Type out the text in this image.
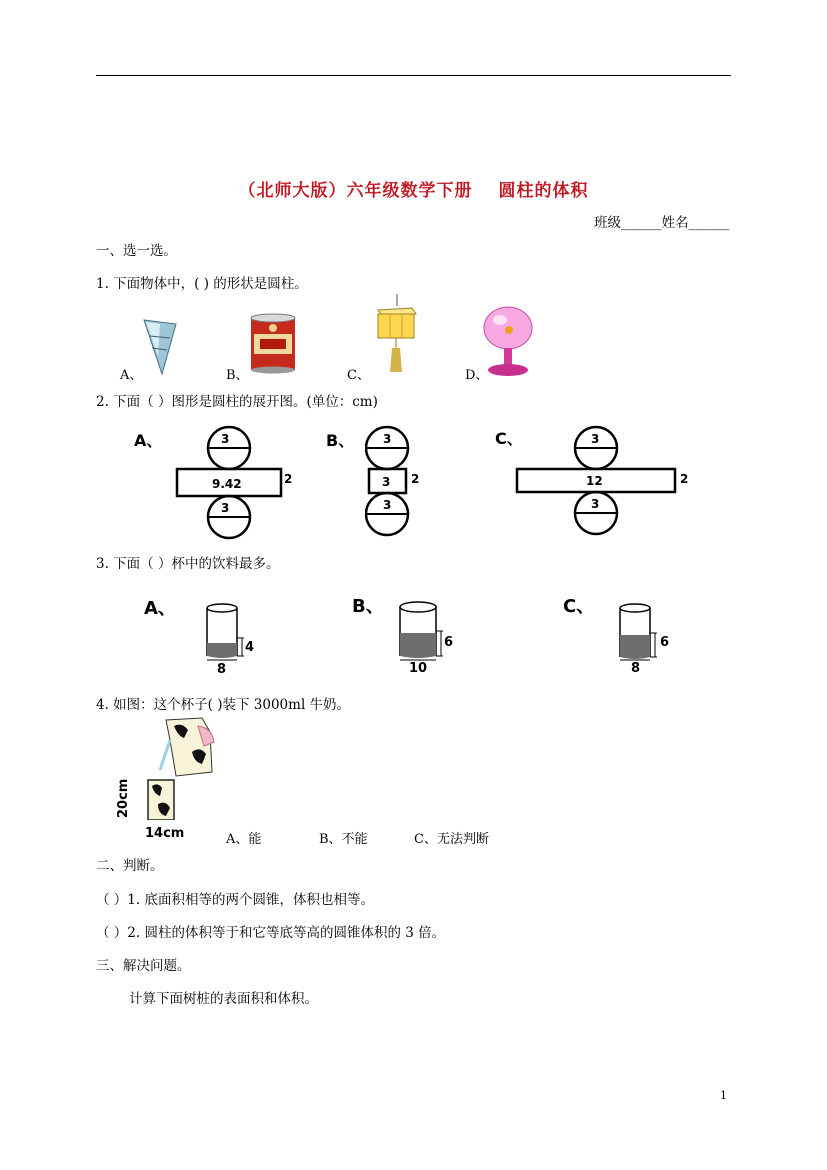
（北师大版）六年级数学下册 圆柱的体积
班级______姓名______
一、选一选。
1. 下面物体中，( ) 的形状是圆柱。
A、	B、	C、	D、
2. 下面（ ）图形是圆柱的展开图。(单位：cm)
A、	3
9.42	2
3
B、 3
3 2
3
C、	3
12	2
3
3. 下面（ ）杯中的饮料最多。
A、
4
8
B、
6
10
C、
6
8
4. 如图：这个杯子( )装下 3000ml 牛奶。
20cm
14cm	A、能	B、不能	C、无法判断
二、判断。
（ ）1. 底面积相等的两个圆锥，体积也相等。
（ ）2. 圆柱的体积等于和它等底等高的圆锥体积的 3 倍。
三、解决问题。
计算下面树桩的表面积和体积。
1
